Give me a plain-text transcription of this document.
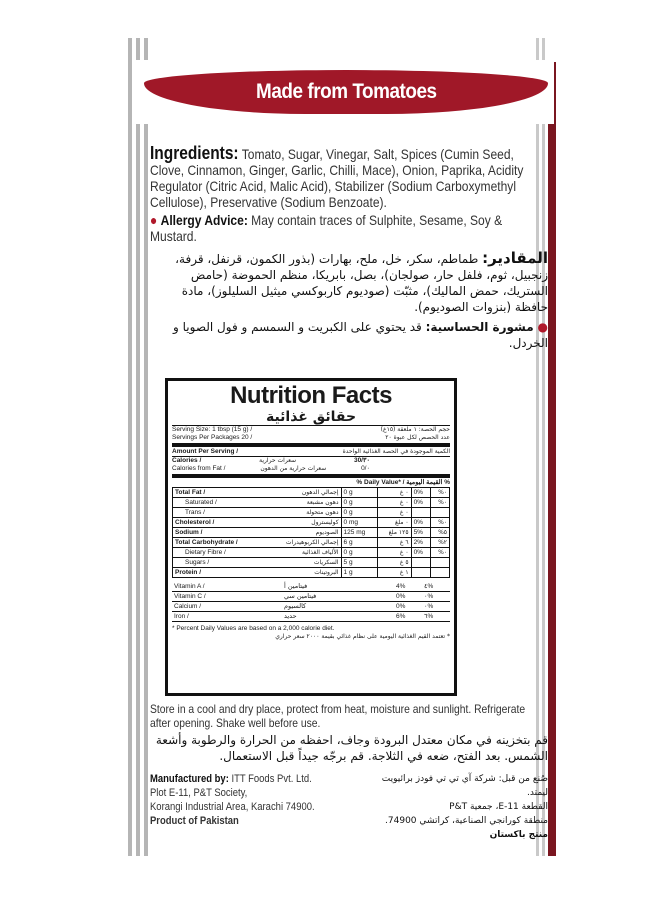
Made from Tomatoes

Ingredients: Tomato, Sugar, Vinegar, Salt, Spices (Cumin Seed, Clove, Cinnamon, Ginger, Garlic, Chilli, Mace), Onion, Paprika, Acidity Regulator (Citric Acid, Malic Acid), Stabilizer (Sodium Carboxymethyl Cellulose), Preservative (Sodium Benzoate).

● Allergy Advice: May contain traces of Sulphite, Sesame, Soy & Mustard.

المقادير: طماطم، سكر، خل، ملح، بهارات (بذور الكمون، قرنفل، قرفة، زنجبيل، ثوم، فلفل حار، صولجان)، بصل، بابريكا، منظم الحموضة (حامض الستريك، حمض الماليك)، مثبّت (صوديوم كاربوكسي ميثيل السليلوز)، مادة حافظة (بنزوات الصوديوم).

● مشورة الحساسية: قد يحتوي على الكبريت و السمسم و فول الصويا و الخردل.

Nutrition Facts
حقائق غذائية
Serving Size: 1 tbsp (15 g) /	حجم الحصة: ١ ملعقة (١٥غ)
Servings Per Packages 20 /	عدد الحصص لكل عبوة ٢٠
Amount Per Serving /	الكمية الموجودة في الحصة الغذائية الواحدة
Calories /	سعرات حرارية	30/٣٠
Calories from Fat /	سعرات حرارية من الدهون	0/٠
% Daily Value* / القيمة اليومية %
Total Fat /	إجمالي الدهون	0 g	٠ غ	0%	٠%
Saturated /	دهون مشبعة	0 g	٠ غ	0%	٠%
Trans /	دهون متحولة	0 g	٠ غ		
Cholesterol /	كوليسترول	0 mg	٠ ملغ	0%	٠%
Sodium /	الصوديوم	125 mg	١٢٥ ملغ	5%	٥%
Total Carbohydrate /	إجمالي الكربوهيدرات	6 g	٦ غ	2%	٢%
Dietary Fibre /	الألياف الغذائية	0 g	٠ غ	0%	٠%
Sugars /	السكريات	5 g	٥ غ		
Protein /	البروتينات	1 g	١ غ		
Vitamin A /	فيتامين أ	4%	٤%
Vitamin C /	فيتامين سي	0%	٠%
Calcium /	كالسيوم	0%	٠%
Iron /	حديد	6%	٦%
* Percent Daily Values are based on a 2,000 calorie diet.
* تعتمد القيم الغذائية اليومية على نظام غذائي بقيمة ٢٠٠٠ سعر حراري

Store in a cool and dry place, protect from heat, moisture and sunlight. Refrigerate after opening. Shake well before use.

قم بتخزينه في مكان معتدل البرودة وجاف، احفظه من الحرارة والرطوبة وأشعة الشمس. بعد الفتح، ضعه في الثلاجة. قم برجّه جيداً قبل الاستعمال.

Manufactured by: ITT Foods Pvt. Ltd.

Plot E-11, P&T Society,

Korangi Industrial Area, Karachi 74900.

Product of Pakistan

صُنع من قبل: شركة آي تي تي فودز برائيويت ليمتد.

القطعة E-11، جمعية P&T

منطقة كورانجي الصناعية، كراتشي 74900.

منتج باكستان
